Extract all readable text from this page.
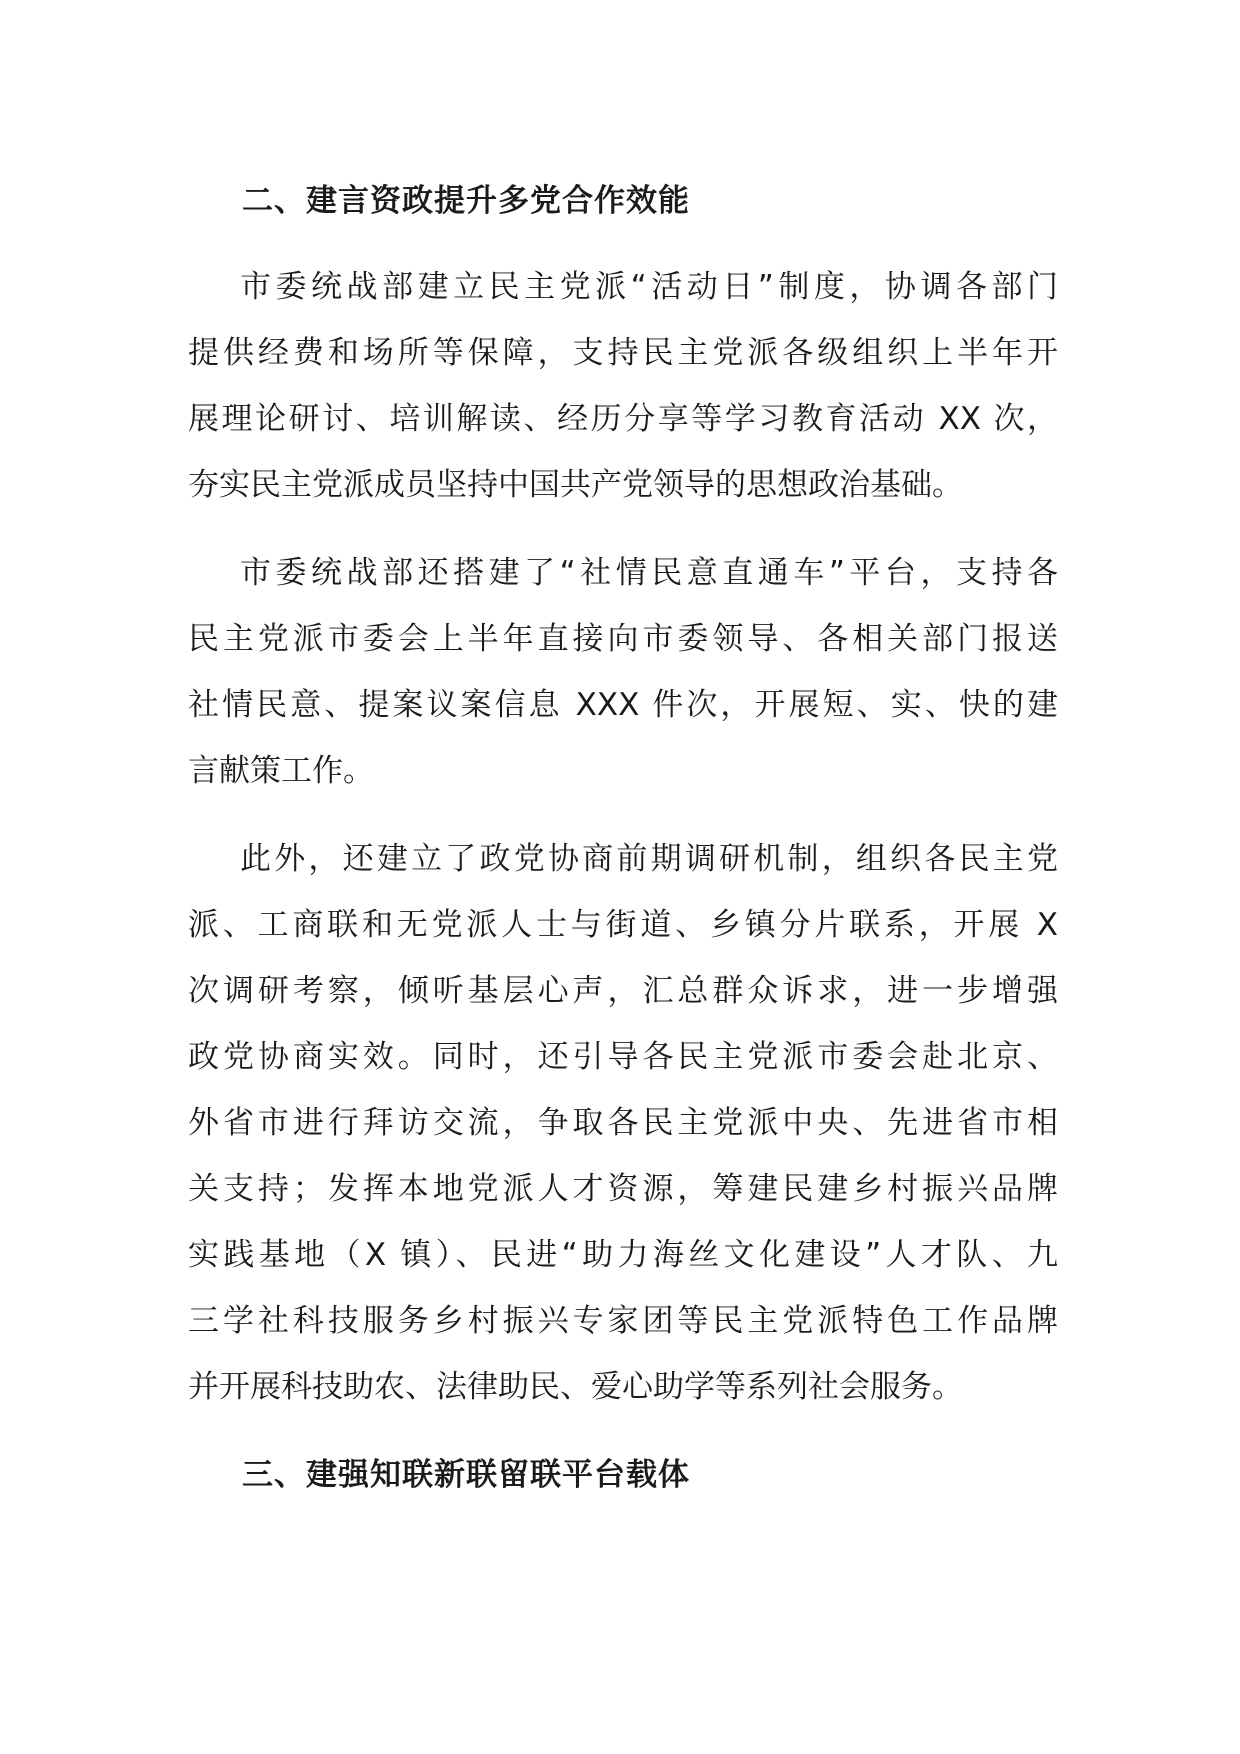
二、建言资政提升多党合作效能

市委统战部建立民主党派“活动日”制度，协调各部门
提供经费和场所等保障，支持民主党派各级组织上半年开
展理论研讨、培训解读、经历分享等学习教育活动 XX 次，
夯实民主党派成员坚持中国共产党领导的思想政治基础。

市委统战部还搭建了“社情民意直通车”平台，支持各
民主党派市委会上半年直接向市委领导、各相关部门报送
社情民意、提案议案信息 XXX 件次，开展短、实、快的建
言献策工作。

此外，还建立了政党协商前期调研机制，组织各民主党
派、工商联和无党派人士与街道、乡镇分片联系，开展 X
次调研考察，倾听基层心声，汇总群众诉求，进一步增强
政党协商实效。同时，还引导各民主党派市委会赴北京、
外省市进行拜访交流，争取各民主党派中央、先进省市相
关支持；发挥本地党派人才资源，筹建民建乡村振兴品牌
实践基地（X 镇）、民进“助力海丝文化建设”人才队、九
三学社科技服务乡村振兴专家团等民主党派特色工作品牌
并开展科技助农、法律助民、爱心助学等系列社会服务。

三、建强知联新联留联平台载体
